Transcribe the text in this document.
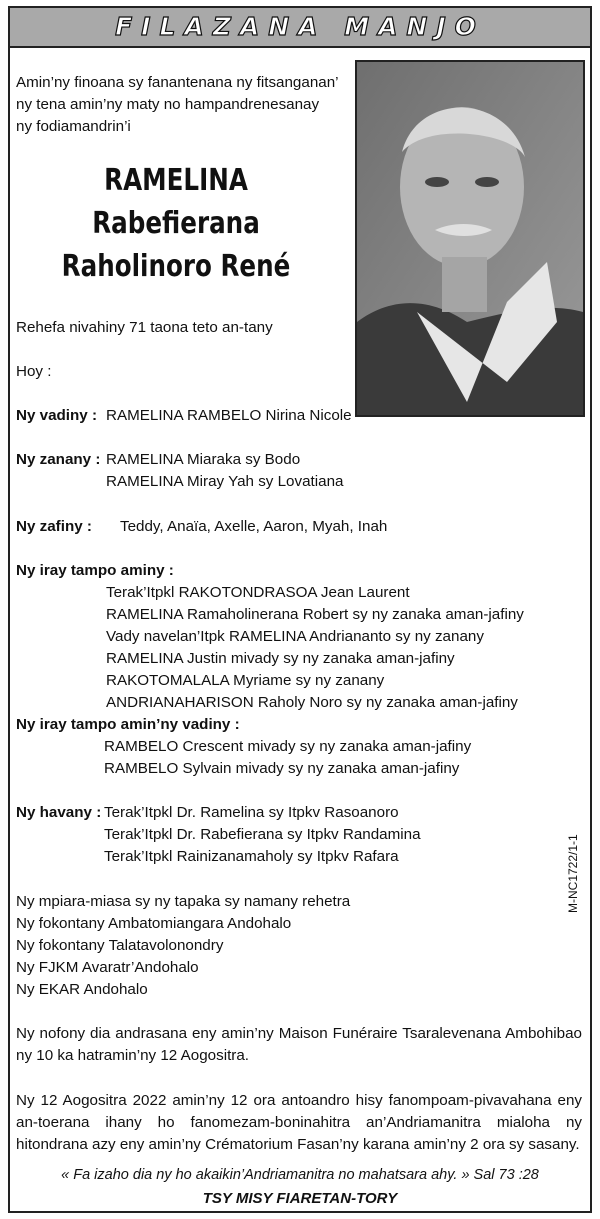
FILAZANA MANJO
Amin’ny finoana sy fanantenana ny fitsanganan’
ny tena amin’ny maty no hampandrenesanay
ny fodiamandrin’i
RAMELINA
Rabefierana
Raholinoro René
Rehefa nivahiny 71 taona teto an-tany
Hoy :
Ny vadiny : RAMELINA RAMBELO Nirina Nicole
Ny zanany : RAMELINA Miaraka sy Bodo
RAMELINA Miray Yah sy Lovatiana
Ny zafiny : Teddy, Anaïa, Axelle, Aaron, Myah, Inah
Ny iray tampo aminy :
Terak’Itpkl RAKOTONDRASOA Jean Laurent
RAMELINA Ramaholinerana Robert sy ny zanaka aman-jafiny
Vady navelan’Itpk RAMELINA Andriananto sy ny zanany
RAMELINA Justin mivady sy ny zanaka aman-jafiny
RAKOTOMALALA Myriame sy ny zanany
ANDRIANAHARISON Raholy Noro sy ny zanaka aman-jafiny
Ny iray tampo amin’ny vadiny :
RAMBELO Crescent mivady sy ny zanaka aman-jafiny
RAMBELO Sylvain mivady sy ny zanaka aman-jafiny
Ny havany : Terak’Itpkl Dr. Ramelina sy Itpkv Rasoanoro
Terak’Itpkl Dr. Rabefierana sy Itpkv Randamina
Terak’Itpkl Rainizanamaholy sy Itpkv Rafara
Ny mpiara-miasa sy ny tapaka sy namany rehetra
Ny fokontany Ambatomiangara Andohalo
Ny fokontany Talatavolonondry
Ny FJKM Avaratr’Andohalo
Ny EKAR Andohalo
M-NC1722/1-1
Ny nofony dia andrasana eny amin’ny Maison Funéraire Tsaralevenana Ambohibao ny 10 ka hatramin’ny 12 Aogositra.
Ny 12 Aogositra 2022 amin’ny 12 ora antoandro hisy fanompoam-pivavahana eny an-toerana ihany ho fanomezam-boninahitra an’Andriamanitra mialoha ny hitondrana azy eny amin’ny Crématorium Fasan’ny karana amin’ny 2 ora sy sasany.
« Fa izaho dia ny ho akaikin’Andriamanitra no mahatsara ahy. » Sal 73 :28
TSY MISY FIARETAN-TORY
